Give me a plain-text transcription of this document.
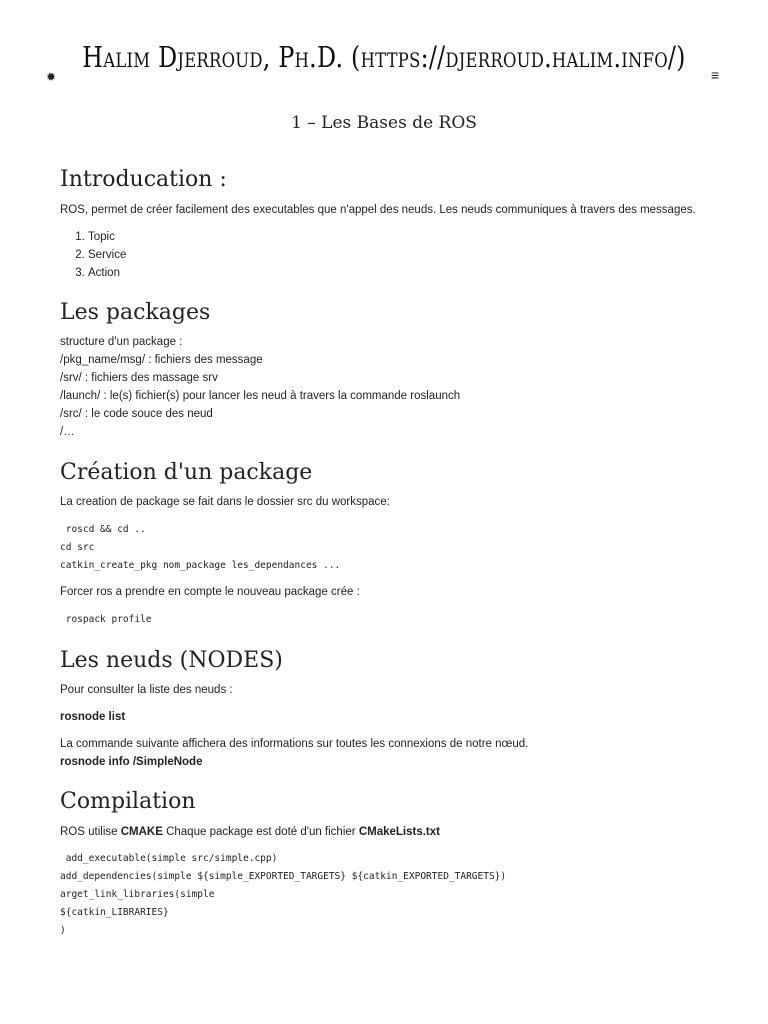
✹
Halim Djerroud, Ph.D. (https://djerroud.halim.info/)
≡
1 – Les Bases de ROS
Introducation :

ROS, permet de créer facilement des executables que n'appel des neuds. Les neuds communiques à travers des messages.

1. Topic
2. Service
3. Action
Les packages

structure d'un package :

/pkg_name/msg/ : fichiers des message

/srv/ : fichiers des massage srv

/launch/ : le(s) fichier(s) pour lancer les neud à travers la commande roslaunch

/src/ : le code souce des neud

/…

Création d'un package

La creation de package se fait dans le dossier src du workspace:

roscd && cd ..

cd src

catkin_create_pkg nom_package les_dependances ...

Forcer ros a prendre en compte le nouveau package crée :

rospack profile

Les neuds (NODES)

Pour consulter la liste des neuds :

rosnode list

La commande suivante affichera des informations sur toutes les connexions de notre nœud.

rosnode info /SimpleNode

Compilation

ROS utilise CMAKE Chaque package est doté d'un fichier CMakeLists.txt

add_executable(simple src/simple.cpp)

add_dependencies(simple ${simple_EXPORTED_TARGETS} ${catkin_EXPORTED_TARGETS})

arget_link_libraries(simple

${catkin_LIBRARIES}

)
